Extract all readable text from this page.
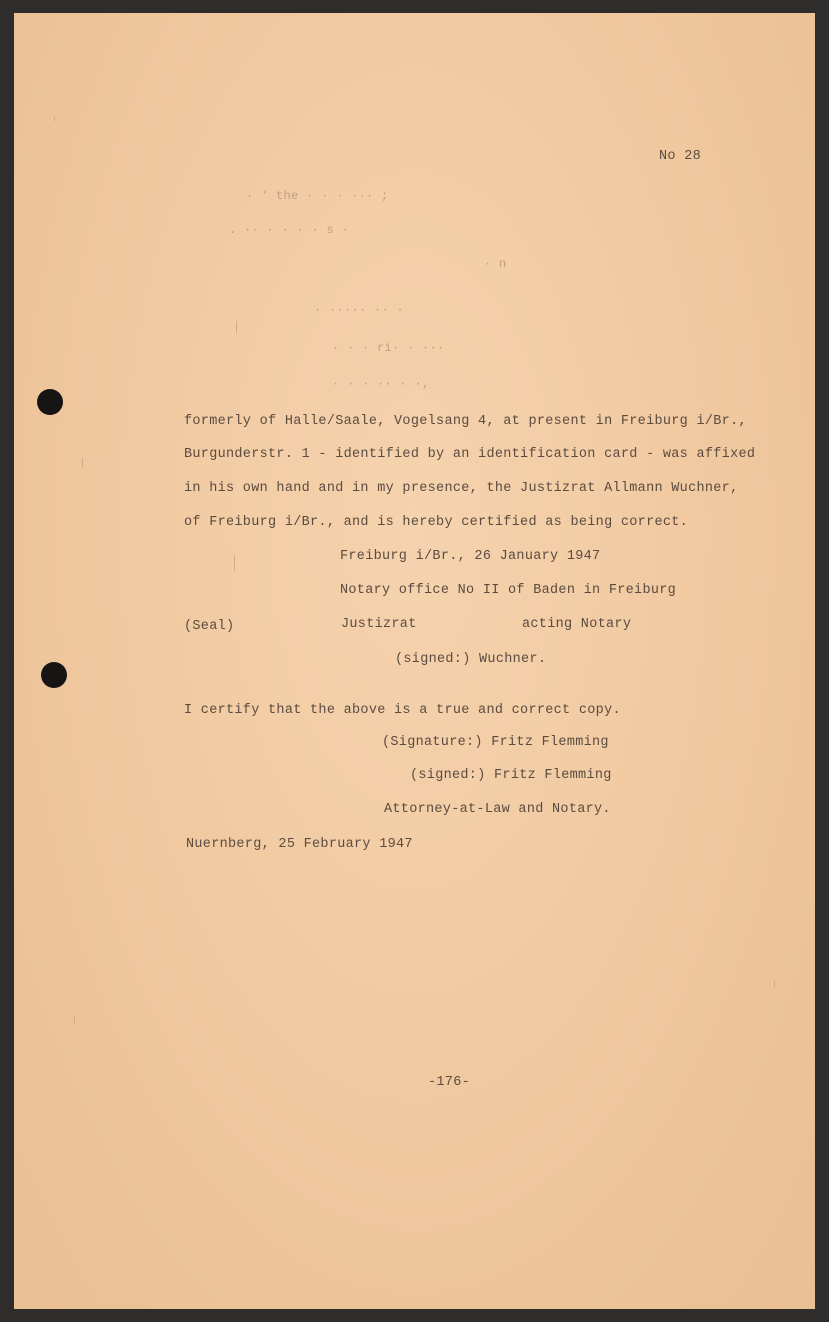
No 28
· ‘ the · · · ··· ;
. ·· · · · · s ·
· n
· ····· ·· ·
· · · ri· · ···
· · · ·· · ·,
formerly of Halle/Saale, Vogelsang 4, at present in Freiburg i/Br.,
Burgunderstr. 1 - identified by an identification card - was affixed
in his own hand and in my presence, the Justizrat Allmann Wuchner,
of Freiburg i/Br., and is hereby certified as being correct.
Freiburg i/Br., 26 January 1947
Notary office No II of Baden in Freiburg
(Seal)	Justizrat	acting Notary
(signed:) Wuchner.
I certify that the above is a true and correct copy.
(Signature:) Fritz Flemming
(signed:) Fritz Flemming
Attorney-at-Law and Notary.
Nuernberg, 25 February 1947
-176-
